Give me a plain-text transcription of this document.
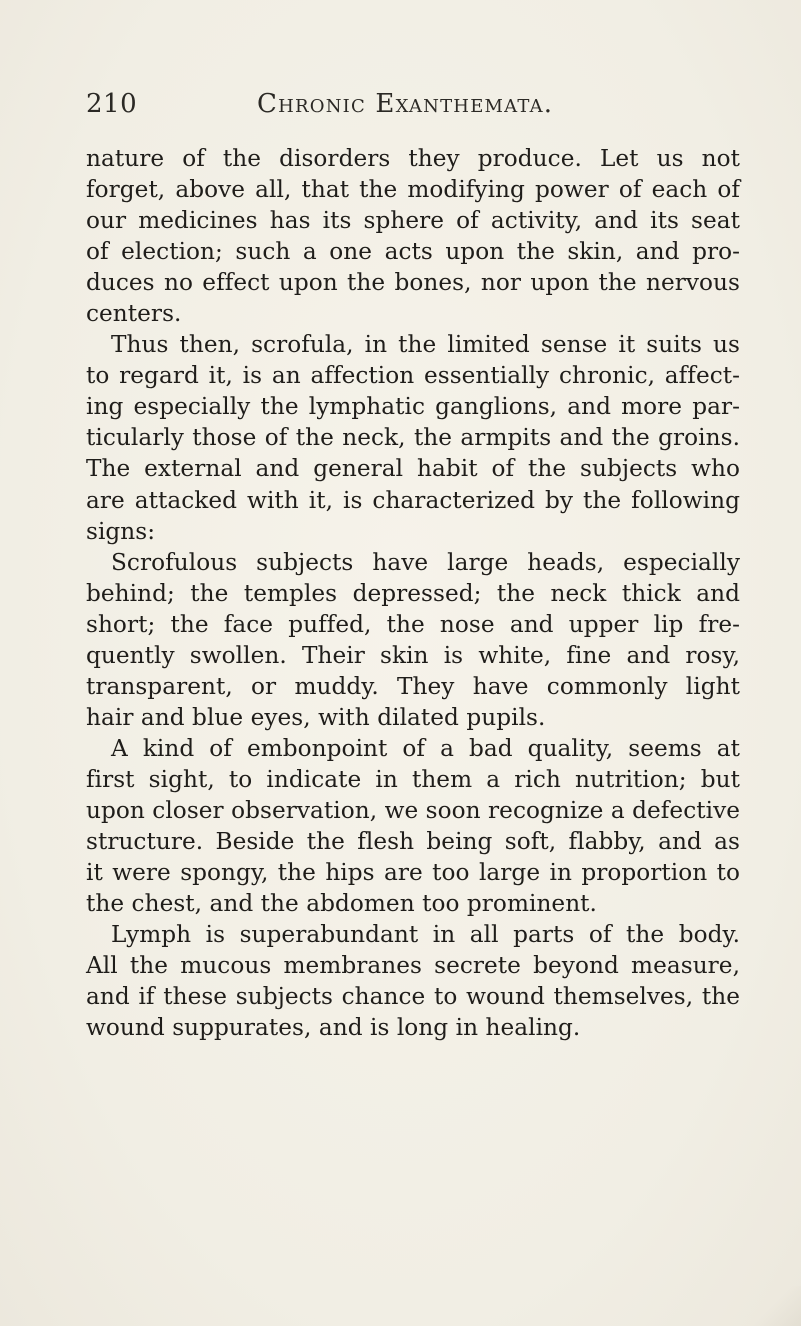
210	Chronic Exanthemata.
nature of the disorders they produce. Let us not
forget, above all, that the modifying power of each of
our medicines has its sphere of activity, and its seat
of election; such a one acts upon the skin, and pro-
duces no effect upon the bones, nor upon the nervous
centers.
Thus then, scrofula, in the limited sense it suits us
to regard it, is an affection essentially chronic, affect-
ing especially the lymphatic ganglions, and more par-
ticularly those of the neck, the armpits and the groins.
The external and general habit of the subjects who
are attacked with it, is characterized by the following
signs:
Scrofulous subjects have large heads, especially
behind; the temples depressed; the neck thick and
short; the face puffed, the nose and upper lip fre-
quently swollen. Their skin is white, fine and rosy,
transparent, or muddy. They have commonly light
hair and blue eyes, with dilated pupils.
A kind of embonpoint of a bad quality, seems at
first sight, to indicate in them a rich nutrition; but
upon closer observation, we soon recognize a defective
structure. Beside the flesh being soft, flabby, and as
it were spongy, the hips are too large in proportion to
the chest, and the abdomen too prominent.
Lymph is superabundant in all parts of the body.
All the mucous membranes secrete beyond measure,
and if these subjects chance to wound themselves, the
wound suppurates, and is long in healing.
